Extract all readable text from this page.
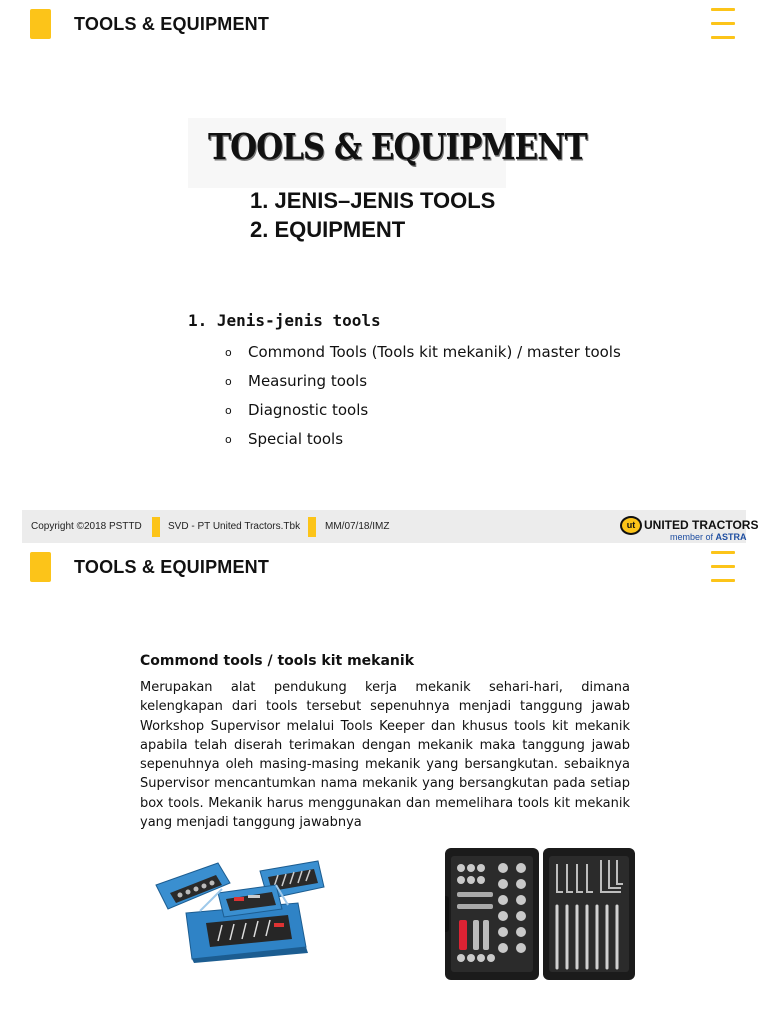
TOOLS & EQUIPMENT
TOOLS & EQUIPMENT
1. JENIS–JENIS TOOLS
2. EQUIPMENT
1. Jenis-jenis tools
o Commond Tools (Tools kit mekanik) / master tools
o Measuring tools
o Diagnostic tools
o Special tools
Copyright ©2018 PSTTD	SVD - PT United Tractors.Tbk MM/07/18/IMZ	ut UNITED TRACTORS
member of ASTRA
TOOLS & EQUIPMENT
Commond tools / tools kit mekanik
Merupakan alat pendukung kerja mekanik sehari-hari, dimana kelengkapan dari tools tersebut sepenuhnya menjadi tanggung jawab Workshop Supervisor melalui Tools Keeper dan khusus tools kit mekanik apabila telah diserah terimakan dengan mekanik maka tanggung jawab sepenuhnya oleh masing-masing mekanik yang bersangkutan. sebaiknya Supervisor mencantumkan nama mekanik yang bersangkutan pada setiap box tools. Mekanik harus menggunakan dan memelihara tools kit mekanik yang menjadi tanggung jawabnya
